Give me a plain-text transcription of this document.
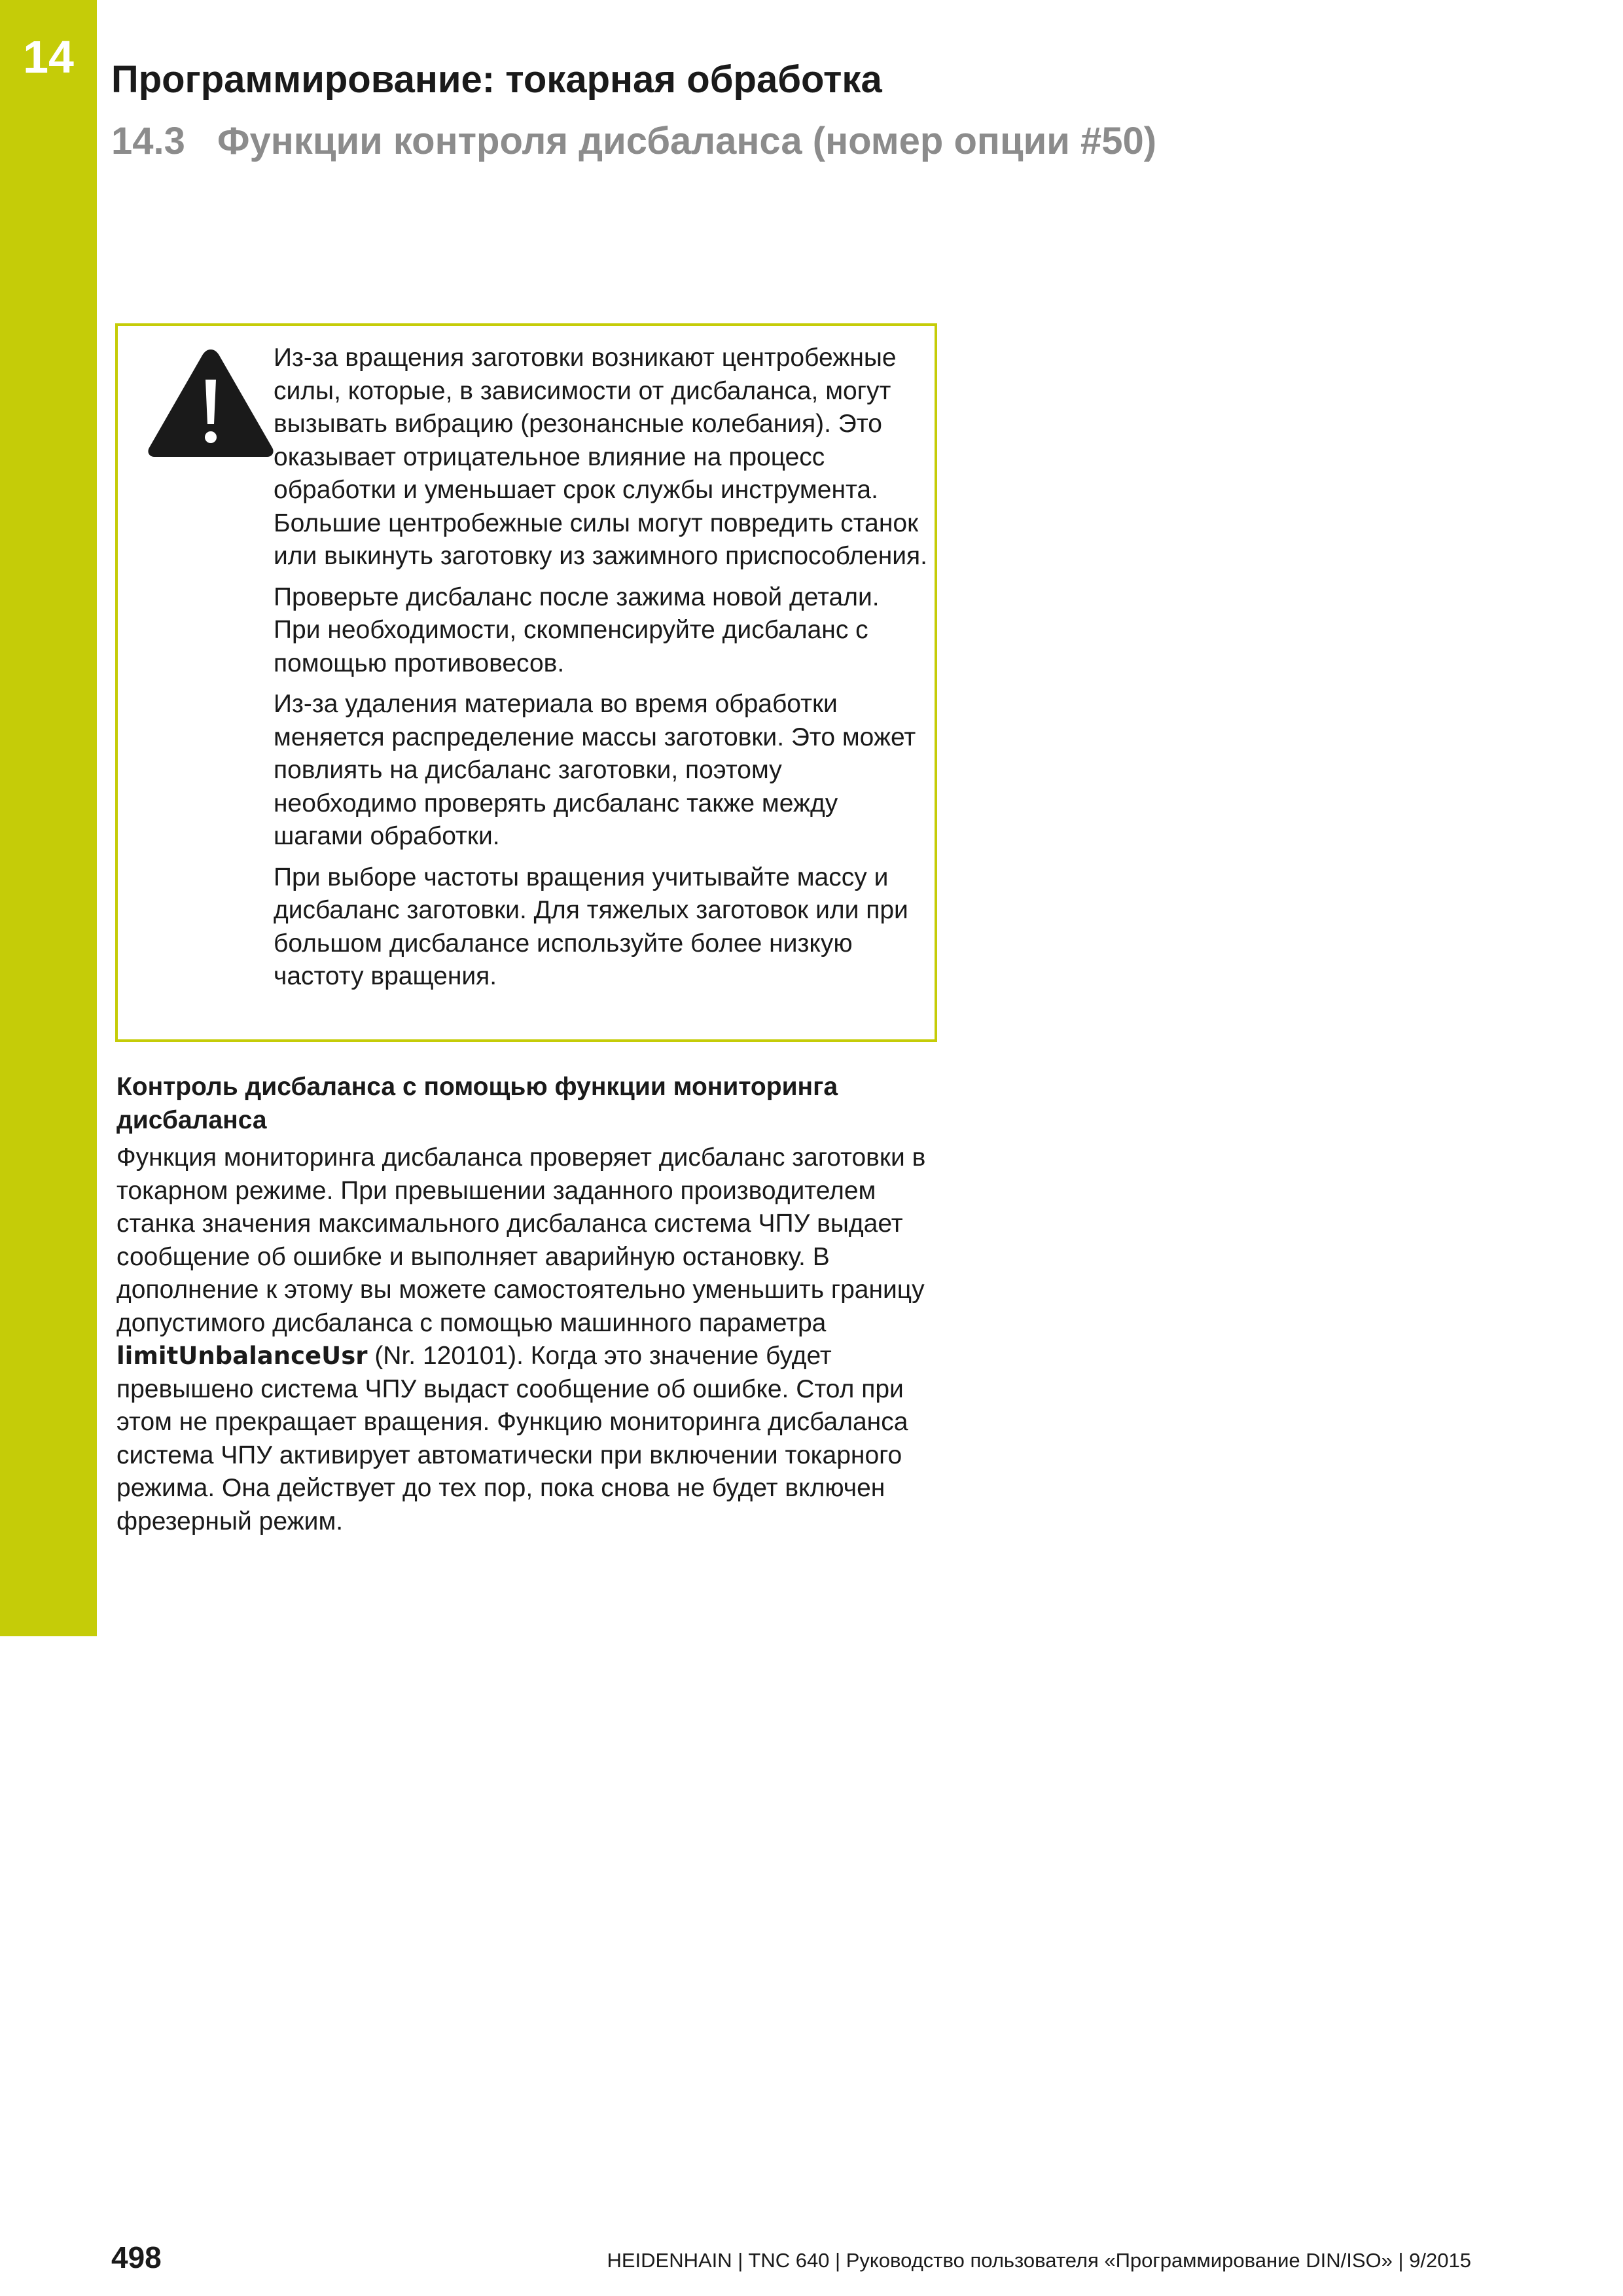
14 Программирование: токарная обработка
14.3 Функции контроля дисбаланса (номер опции #50)

Из-за вращения заготовки возникают центробежные силы, которые, в зависимости от дисбаланса, могут вызывать вибрацию (резонансные колебания). Это оказывает отрицательное влияние на процесс обработки и уменьшает срок службы инструмента. Большие центробежные силы могут повредить станок или выкинуть заготовку из зажимного приспособления.

Проверьте дисбаланс после зажима новой детали. При необходимости, скомпенсируйте дисбаланс с помощью противовесов.

Из-за удаления материала во время обработки меняется распределение массы заготовки. Это может повлиять на дисбаланс заготовки, поэтому необходимо проверять дисбаланс также между шагами обработки.

При выборе частоты вращения учитывайте массу и дисбаланс заготовки. Для тяжелых заготовок или при большом дисбалансе используйте более низкую частоту вращения.

Контроль дисбаланса с помощью функции мониторинга дисбаланса
Функция мониторинга дисбаланса проверяет дисбаланс заготовки в токарном режиме. При превышении заданного производителем станка значения максимального дисбаланса система ЧПУ выдает сообщение об ошибке и выполняет аварийную остановку. В дополнение к этому вы можете самостоятельно уменьшить границу допустимого дисбаланса с помощью машинного параметра limitUnbalanceUsr (Nr. 120101). Когда это значение будет превышено система ЧПУ выдаст сообщение об ошибке. Стол при этом не прекращает вращения. Функцию мониторинга дисбаланса система ЧПУ активирует автоматически при включении токарного режима. Она действует до тех пор, пока снова не будет включен фрезерный режим.
498	HEIDENHAIN | TNC 640 | Руководство пользователя «Программирование DIN/ISO» | 9/2015
